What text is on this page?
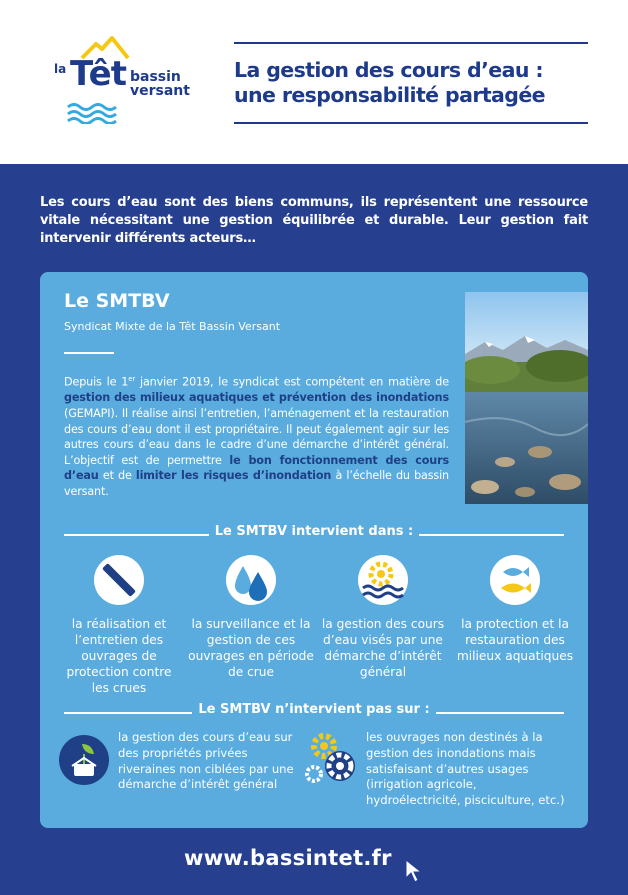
la Têt bassin
versant
La gestion des cours d’eau :
une responsabilité partagée
Les cours d’eau sont des biens communs, ils représentent une ressource vitale nécessitant une gestion équilibrée et durable. Leur gestion fait intervenir différents acteurs…
Le SMTBV
Syndicat Mixte de la Têt Bassin Versant
Depuis le 1er janvier 2019, le syndicat est compétent en matière de gestion des milieux aquatiques et prévention des inondations (GEMAPI). Il réalise ainsi l’entretien, l’aménagement et la restauration des cours d’eau dont il est propriétaire. Il peut également agir sur les autres cours d’eau dans le cadre d’une démarche d’intérêt général. L’objectif est de permettre le bon fonctionnement des cours d’eau et de limiter les risques d’inondation à l’échelle du bassin versant.
Le SMTBV intervient dans :
la réalisation et l’entretien des ouvrages de protection contre les crues
la surveillance et la gestion de ces ouvrages en période de crue
la gestion des cours d’eau visés par une démarche d’intérêt général
la protection et la restauration des milieux aquatiques
Le SMTBV n’intervient pas sur :
la gestion des cours d’eau sur des propriétés privées riveraines non ciblées par une démarche d’intérêt général
les ouvrages non destinés à la gestion des inondations mais satisfaisant d’autres usages (irrigation agricole, hydroélectricité, pisciculture, etc.)
www.bassintet.fr
